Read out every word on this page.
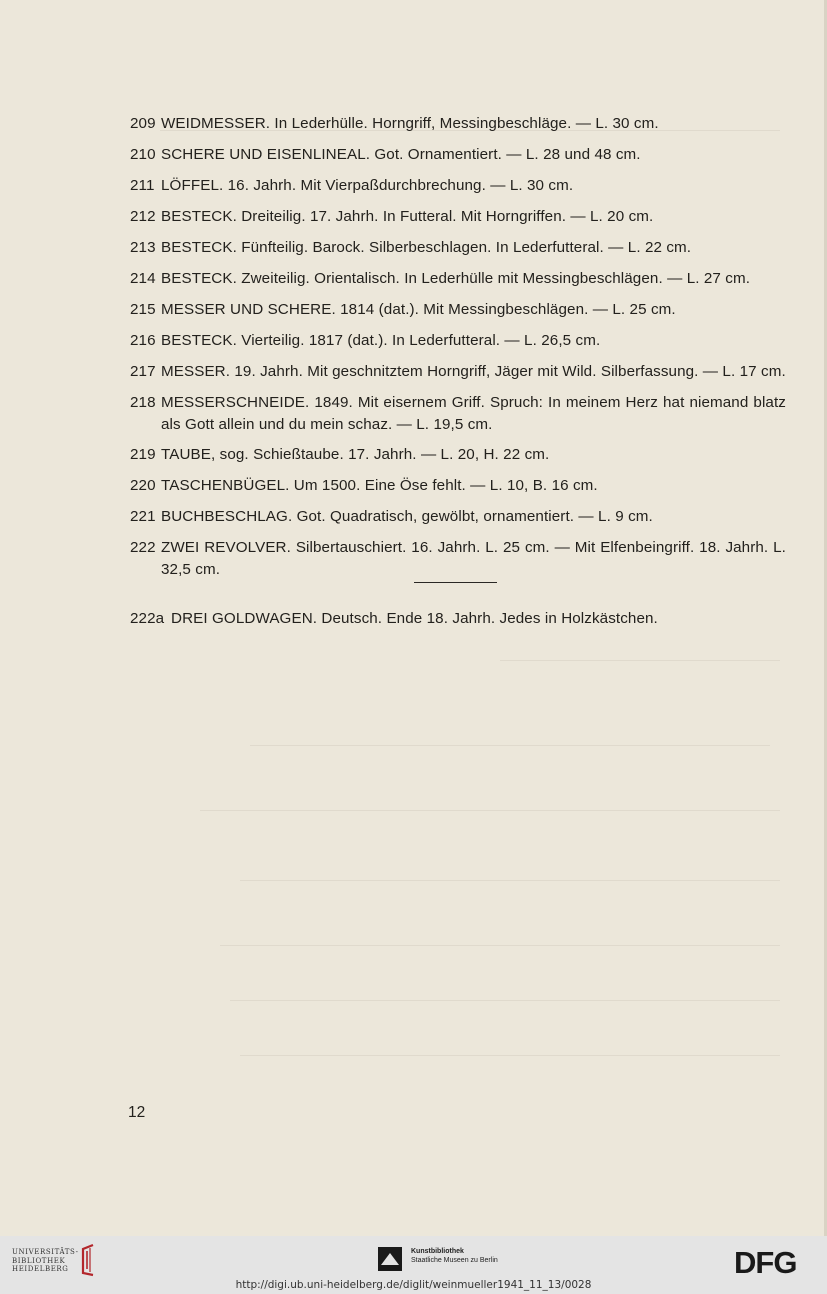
209 WEIDMESSER. In Lederhülle. Horngriff, Messingbeschläge. — L. 30 cm.
210 SCHERE UND EISENLINEAL. Got. Ornamentiert. — L. 28 und 48 cm.
211 LÖFFEL. 16. Jahrh. Mit Vierpaßdurchbrechung. — L. 30 cm.
212 BESTECK. Dreiteilig. 17. Jahrh. In Futteral. Mit Horngriffen. — L. 20 cm.
213 BESTECK. Fünfteilig. Barock. Silberbeschlagen. In Lederfutteral. — L. 22 cm.
214 BESTECK. Zweiteilig. Orientalisch. In Lederhülle mit Messingbeschlägen. — L. 27 cm.
215 MESSER UND SCHERE. 1814 (dat.). Mit Messingbeschlägen. — L. 25 cm.
216 BESTECK. Vierteilig. 1817 (dat.). In Lederfutteral. — L. 26,5 cm.
217 MESSER. 19. Jahrh. Mit geschnitztem Horngriff, Jäger mit Wild. Silberfassung. — L. 17 cm.
218 MESSERSCHNEIDE. 1849. Mit eisernem Griff. Spruch: In meinem Herz hat niemand blatz als Gott allein und du mein schaz. — L. 19,5 cm.
219 TAUBE, sog. Schießtaube. 17. Jahrh. — L. 20, H. 22 cm.
220 TASCHENBÜGEL. Um 1500. Eine Öse fehlt. — L. 10, B. 16 cm.
221 BUCHBESCHLAG. Got. Quadratisch, gewölbt, ornamentiert. — L. 9 cm.
222 ZWEI REVOLVER. Silbertauschiert. 16. Jahrh. L. 25 cm. — Mit Elfenbeingriff. 18. Jahrh. L. 32,5 cm.
222a DREI GOLDWAGEN. Deutsch. Ende 18. Jahrh. Jedes in Holzkästchen.
12
UNIVERSITÄTS-
BIBLIOTHEK
HEIDELBERG
Kunstbibliothek
Staatliche Museen zu Berlin	DFG
http://digi.ub.uni-heidelberg.de/diglit/weinmueller1941_11_13/0028
